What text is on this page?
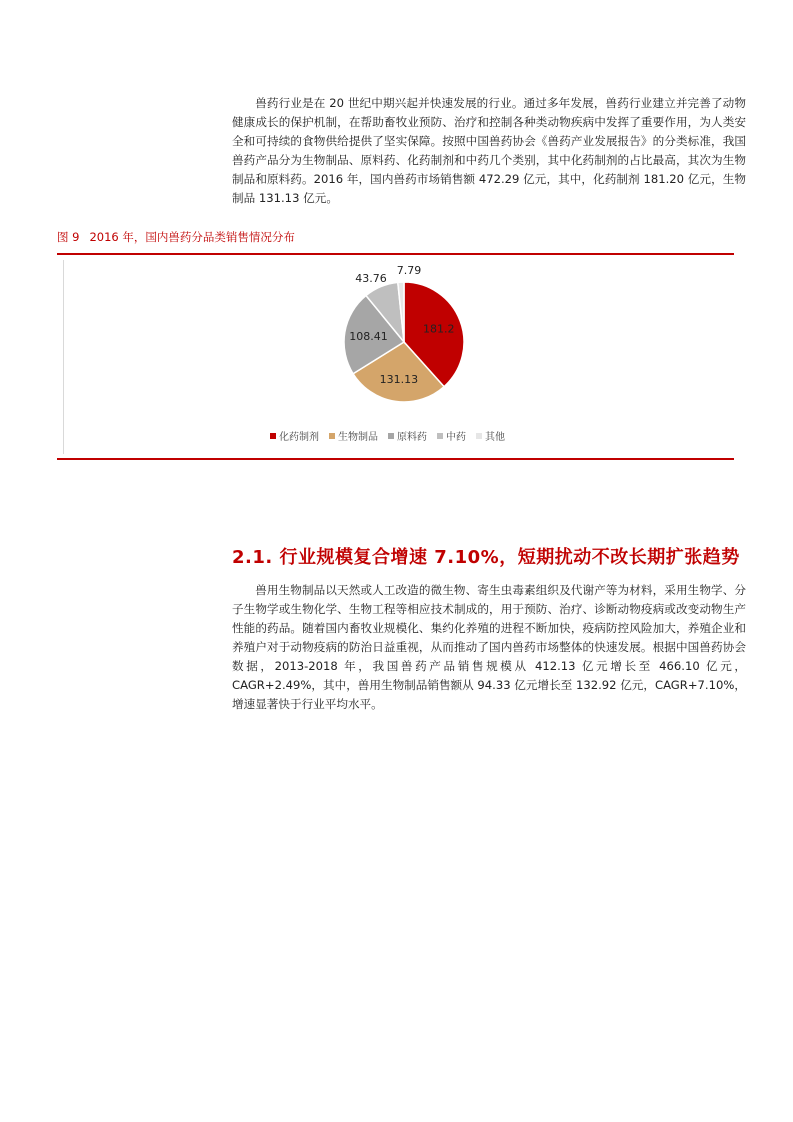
兽药行业是在 20 世纪中期兴起并快速发展的行业。通过多年发展，兽药行业建立并完善了动物健康成长的保护机制，在帮助畜牧业预防、治疗和控制各种类动物疾病中发挥了重要作用，为人类安全和可持续的食物供给提供了坚实保障。按照中国兽药协会《兽药产业发展报告》的分类标准，我国兽药产品分为生物制品、原料药、化药制剂和中药几个类别，其中化药制剂的占比最高，其次为生物制品和原料药。2016 年，国内兽药市场销售额 472.29 亿元，其中，化药制剂 181.20 亿元，生物制品 131.13 亿元。

图 9 2016 年，国内兽药分品类销售情况分布
181.2
131.13
108.41
43.76
7.79
化药制剂 生物制品 原料药 中药 其他
2.1. 行业规模复合增速 7.10%，短期扰动不改长期扩张趋势

兽用生物制品以天然或人工改造的微生物、寄生虫毒素组织及代谢产等为材料，采用生物学、分子生物学或生物化学、生物工程等相应技术制成的，用于预防、治疗、诊断动物疫病或改变动物生产性能的药品。随着国内畜牧业规模化、集约化养殖的进程不断加快，疫病防控风险加大，养殖企业和养殖户对于动物疫病的防治日益重视，从而推动了国内兽药市场整体的快速发展。根据中国兽药协会数据，2013-2018 年，我国兽药产品销售规模从 412.13 亿元增长至 466.10 亿元，CAGR+2.49%，其中，兽用生物制品销售额从 94.33 亿元增长至 132.92 亿元，CAGR+7.10%，增速显著快于行业平均水平。
